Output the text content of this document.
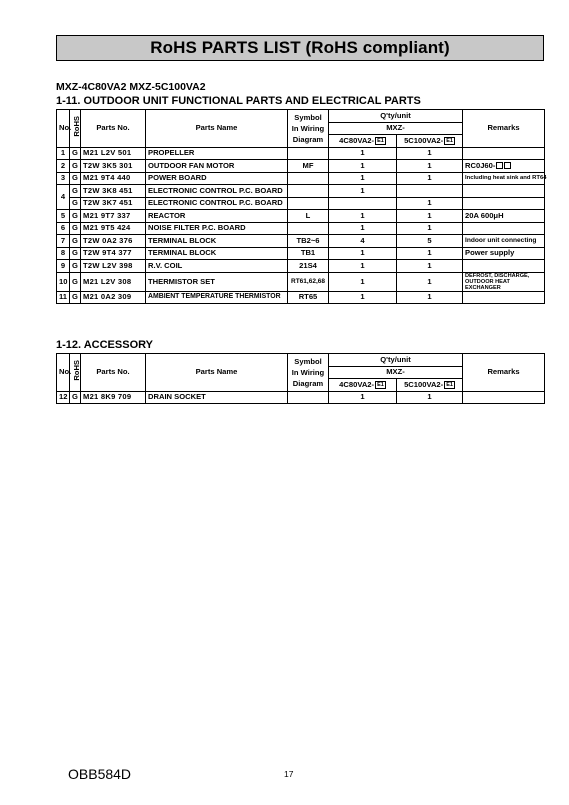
RoHS PARTS LIST (RoHS compliant)
MXZ-4C80VA2 MXZ-5C100VA2
1-11. OUTDOOR UNIT FUNCTIONAL PARTS AND ELECTRICAL PARTS
No.	RoHS	Parts No.	Parts Name	Symbol
In Wiring
Diagram	Q'ty/unit		Remarks
					MXZ-		
					4C80VA2- E1	5C100VA2- E1	
1	G	M21 L2V 501	PROPELLER		1	1	
2	G	T2W 3K5 301	OUTDOOR FAN MOTOR	MF	1	1	RC0J60-
3	G	M21 9T4 440	POWER BOARD		1	1	Including heat sink and RT64
4	G	T2W 3K8 451	ELECTRONIC CONTROL P.C. BOARD		1		
	G	T2W 3K7 451	ELECTRONIC CONTROL P.C. BOARD			1	
5	G	M21 9T7 337	REACTOR	L	1	1	20A 600μH
6	G	M21 9T5 424	NOISE FILTER P.C. BOARD		1	1	
7	G	T2W 0A2 376	TERMINAL BLOCK	TB2~6	4	5	Indoor unit connecting
8	G	T2W 9T4 377	TERMINAL BLOCK	TB1	1	1	Power supply
9	G	T2W L2V 398	R.V. COIL	21S4	1	1	
10	G	M21 L2V 308	THERMISTOR SET	RT61,62,68	1	1	DEFROST, DISCHARGE, OUTDOOR HEAT EXCHANGER
11	G	M21 0A2 309	AMBIENT TEMPERATURE THERMISTOR	RT65	1	1	
1-12. ACCESSORY
No.	RoHS	Parts No.	Parts Name	Symbol
In Wiring
Diagram	Q'ty/unit		Remarks
					MXZ-		
					4C80VA2- E1	5C100VA2- E1	
12	G	M21 8K9 709	DRAIN SOCKET		1	1	
OBB584D	17
